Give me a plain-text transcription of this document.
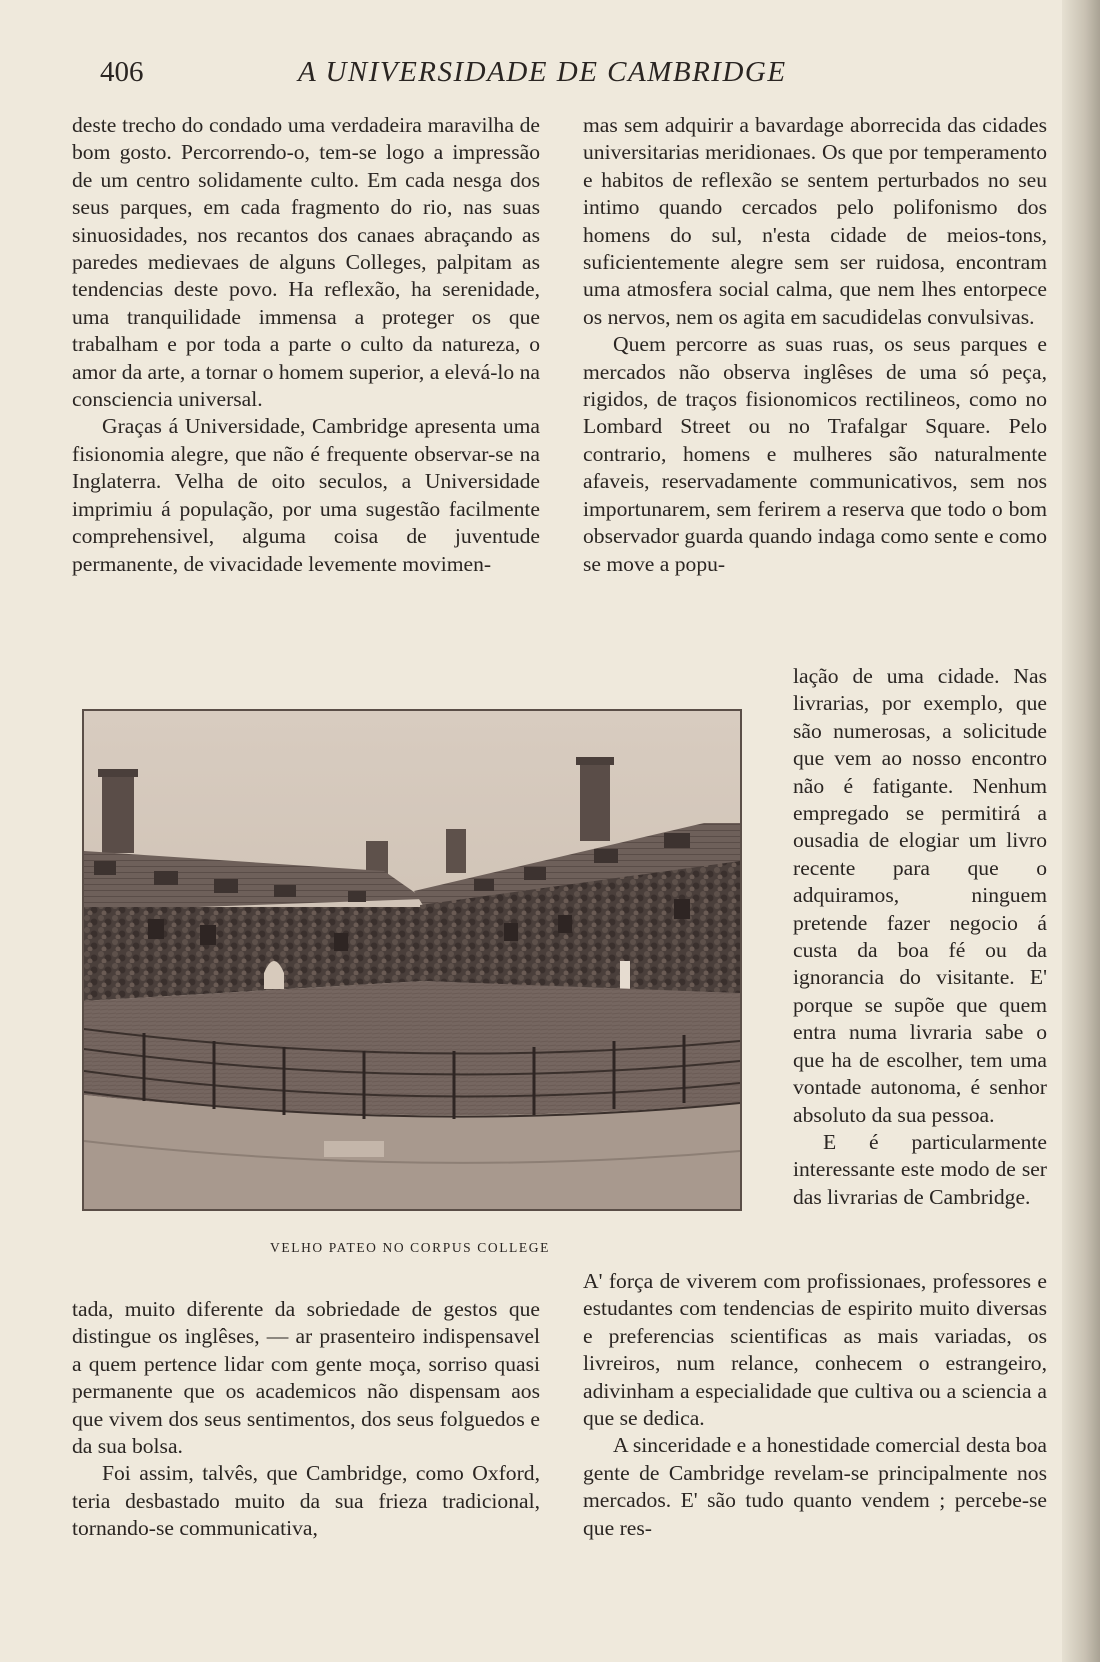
406	A UNIVERSIDADE DE CAMBRIDGE

deste trecho do condado uma verdadeira maravilha de bom gosto. Percorrendo-o, tem-se logo a impressão de um centro solidamente culto. Em cada nesga dos seus parques, em cada fragmento do rio, nas suas sinuosidades, nos recantos dos canaes abraçando as paredes medievaes de alguns Colleges, palpitam as tendencias deste povo. Ha reflexão, ha serenidade, uma tranquilidade immensa a proteger os que trabalham e por toda a parte o culto da natureza, o amor da arte, a tornar o homem superior, a elevá-lo na consciencia universal.

Graças á Universidade, Cambridge apresenta uma fisionomia alegre, que não é frequente observar-se na Inglaterra. Velha de oito seculos, a Universidade imprimiu á população, por uma sugestão facilmente comprehensivel, alguma coisa de juventude permanente, de vivacidade levemente movimen-

mas sem adquirir a bavardage aborrecida das cidades universitarias meridionaes. Os que por temperamento e habitos de reflexão se sentem perturbados no seu intimo quando cercados pelo polifonismo dos homens do sul, n'esta cidade de meios-tons, suficientemente alegre sem ser ruidosa, encontram uma atmosfera social calma, que nem lhes entorpece os nervos, nem os agita em sacudidelas convulsivas.

Quem percorre as suas ruas, os seus parques e mercados não observa inglêses de uma só peça, rigidos, de traços fisionomicos rectilineos, como no Lombard Street ou no Trafalgar Square. Pelo contrario, homens e mulheres são naturalmente afaveis, reservadamente communicativos, sem nos importunarem, sem ferirem a reserva que todo o bom observador guarda quando indaga como sente e como se move a popu-

lação de uma cidade. Nas livrarias, por exemplo, que são numerosas, a solicitude que vem ao nosso encontro não é fatigante. Nenhum empregado se permitirá a ousadia de elogiar um livro recente para que o adquiramos, ninguem pretende fazer negocio á custa da boa fé ou da ignorancia do visitante. E' porque se supõe que quem entra numa livraria sabe o que ha de escolher, tem uma vontade autonoma, é senhor absoluto da sua pessoa.

E é particularmente interessante este modo de ser das livrarias de Cambridge.

VELHO PATEO NO CORPUS COLLEGE

tada, muito diferente da sobriedade de gestos que distingue os inglêses, — ar prasenteiro indispensavel a quem pertence lidar com gente moça, sorriso quasi permanente que os academicos não dispensam aos que vivem dos seus sentimentos, dos seus folguedos e da sua bolsa.

Foi assim, talvês, que Cambridge, como Oxford, teria desbastado muito da sua frieza tradicional, tornando-se communicativa,

A' força de viverem com profissionaes, professores e estudantes com tendencias de espirito muito diversas e preferencias scientificas as mais variadas, os livreiros, num relance, conhecem o estrangeiro, adivinham a especialidade que cultiva ou a sciencia a que se dedica.

A sinceridade e a honestidade comercial desta boa gente de Cambridge revelam-se principalmente nos mercados. E' são tudo quanto vendem ; percebe-se que res-
